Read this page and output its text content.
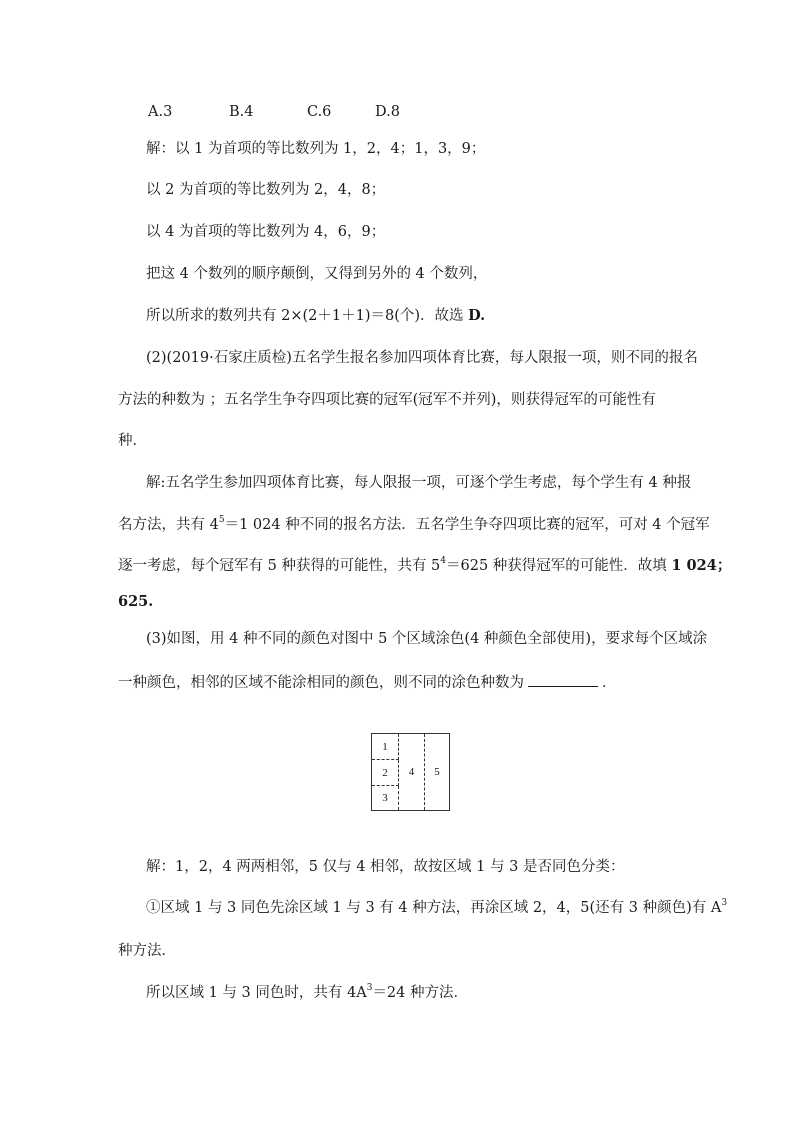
A.3	B.4	C.6	D.8
解：以 1 为首项的等比数列为 1，2，4；1，3，9；
以 2 为首项的等比数列为 2，4，8；
以 4 为首项的等比数列为 4，6，9；
把这 4 个数列的顺序颠倒，又得到另外的 4 个数列，
所以所求的数列共有 2×(2＋1＋1)＝8(个)．故选 D.
(2)(2019·石家庄质检)五名学生报名参加四项体育比赛，每人限报一项，则不同的报名
方法的种数为 ；五名学生争夺四项比赛的冠军(冠军不并列)，则获得冠军的可能性有
种．
解:五名学生参加四项体育比赛，每人限报一项，可逐个学生考虑，每个学生有 4 种报
名方法，共有 $4^5=1$ 024 种不同的报名方法．五名学生争夺四项比赛的冠军，可对 4 个冠军
逐一考虑，每个冠军有 5 种获得的可能性，共有 $5^4=625$ 种获得冠军的可能性．故填 1 024；
625.
(3)如图，用 4 种不同的颜色对图中 5 个区域涂色(4 种颜色全部使用)，要求每个区域涂
一种颜色，相邻的区域不能涂相同的颜色，则不同的涂色种数为	．
1
2
3
4	5
解：1，2，4 两两相邻，5 仅与 4 相邻，故按区域 1 与 3 是否同色分类：
①区域 1 与 3 同色先涂区域 1 与 3 有 4 种方法，再涂区域 2，4，5(还有 3 种颜色)有 $A^3$
种方法．
所以区域 1 与 3 同色时，共有 $4A^3=24$ 种方法．
